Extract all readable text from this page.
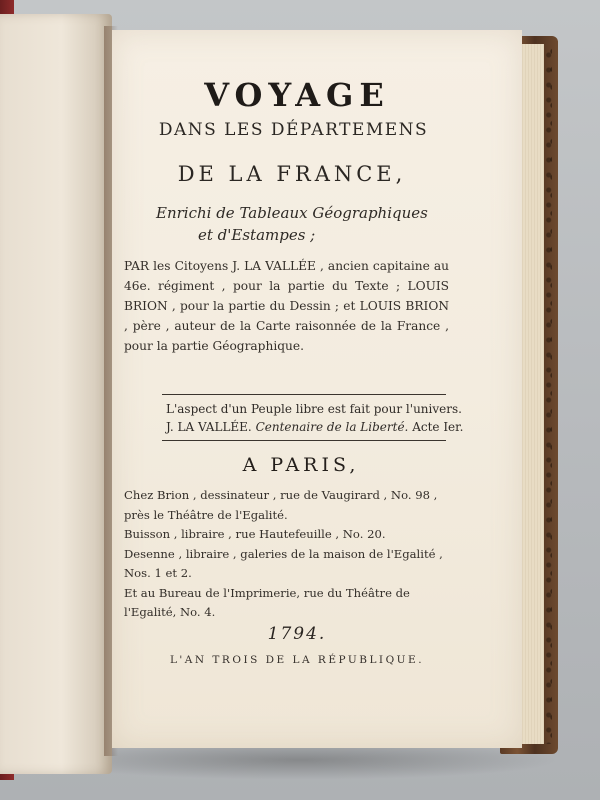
VOYAGE
DANS LES DÉPARTEMENS
DE LA FRANCE,
Enrichi de Tableaux Géographiques
et d'Estampes ;
PAR les Citoyens J. LA VALLÉE , ancien capitaine au 46e. régiment , pour la partie du Texte ; LOUIS BRION , pour la partie du Dessin ; et LOUIS BRION , père , auteur de la Carte raisonnée de la France , pour la partie Géographique.
L'aspect d'un Peuple libre est fait pour l'univers.
J. LA VALLÉE. Centenaire de la Liberté. Acte Ier.
A PARIS,

Chez Brion , dessinateur , rue de Vaugirard , No. 98 , près le Théâtre de l'Egalité.

Buisson , libraire , rue Hautefeuille , No. 20.

Desenne , libraire , galeries de la maison de l'Egalité , Nos. 1 et 2.

Et au Bureau de l'Imprimerie, rue du Théâtre de l'Egalité, No. 4.

1794.
L'AN TROIS DE LA RÉPUBLIQUE.
